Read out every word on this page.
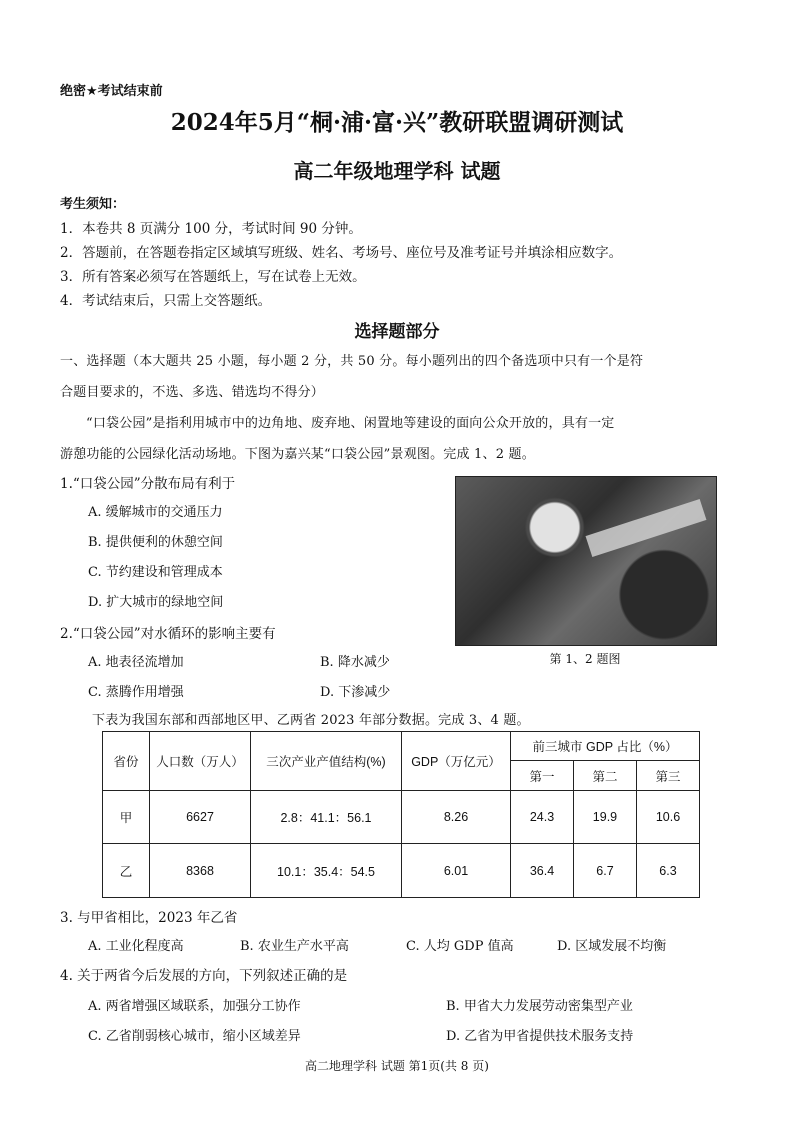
绝密★考试结束前
2024年5月“桐·浦·富·兴”教研联盟调研测试
高二年级地理学科 试题
考生须知：
1．本卷共 8 页满分 100 分，考试时间 90 分钟。
2．答题前，在答题卷指定区域填写班级、姓名、考场号、座位号及准考证号并填涂相应数字。
3．所有答案必须写在答题纸上，写在试卷上无效。
4．考试结束后，只需上交答题纸。
选择题部分
一、选择题（本大题共 25 小题，每小题 2 分，共 50 分。每小题列出的四个备选项中只有一个是符
合题目要求的，不选、多选、错选均不得分）
“口袋公园”是指利用城市中的边角地、废弃地、闲置地等建设的面向公众开放的，具有一定
游憩功能的公园绿化活动场地。下图为嘉兴某“口袋公园”景观图。完成 1、2 题。
1.“口袋公园”分散布局有利于
A. 缓解城市的交通压力
B. 提供便利的休憩空间
C. 节约建设和管理成本
D. 扩大城市的绿地空间
第 1、2 题图
2.“口袋公园”对水循环的影响主要有
A. 地表径流增加	B. 降水减少
C. 蒸腾作用增强	D. 下渗减少
下表为我国东部和西部地区甲、乙两省 2023 年部分数据。完成 3、4 题。
省份	人口数（万人）	三次产业产值结构(%)	GDP（万亿元）	前三城市 GDP 占比（%）		
				第一	第二	第三
甲	6627	2.8：41.1：56.1	8.26	24.3	19.9	10.6
乙	8368	10.1：35.4：54.5	6.01	36.4	6.7	6.3
3. 与甲省相比，2023 年乙省
A. 工业化程度高	B. 农业生产水平高	C. 人均 GDP 值高	D. 区域发展不均衡
4. 关于两省今后发展的方向，下列叙述正确的是
A. 两省增强区域联系，加强分工协作	B. 甲省大力发展劳动密集型产业
C. 乙省削弱核心城市，缩小区域差异	D. 乙省为甲省提供技术服务支持
高二地理学科 试题 第1页(共 8 页)
